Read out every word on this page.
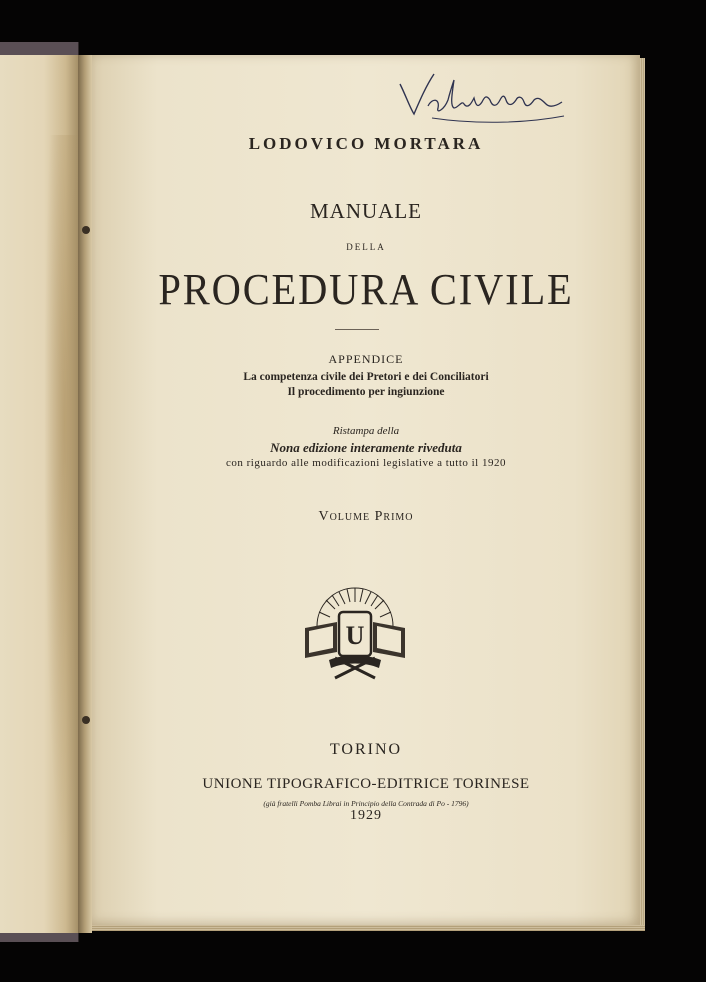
LODOVICO MORTARA
MANUALE
DELLA
PROCEDURA CIVILE
APPENDICE
La competenza civile dei Pretori e dei Conciliatori
Il procedimento per ingiunzione
Ristampa della
Nona edizione interamente riveduta
con riguardo alle modificazioni legislative a tutto il 1920
Volume Primo
U
TORINO
UNIONE TIPOGRAFICO-EDITRICE TORINESE
(già fratelli Pomba Librai in Principio della Contrada di Po - 1796)
1929
